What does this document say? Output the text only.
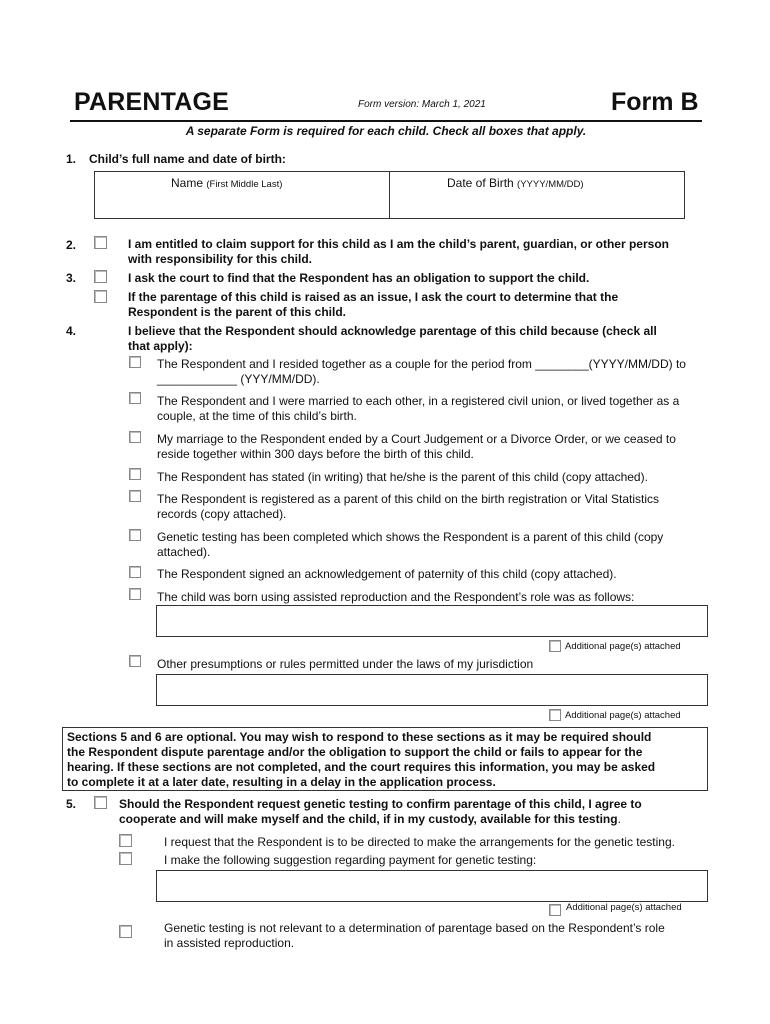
PARENTAGE	Form version: March 1, 2021	Form B
A separate Form is required for each child. Check all boxes that apply.
1. Child’s full name and date of birth:
Name (First Middle Last)	Date of Birth (YYYY/MM/DD)
2.	I am entitled to claim support for this child as I am the child’s parent, guardian, or other person
with responsibility for this child.
3.	I ask the court to find that the Respondent has an obligation to support the child.
If the parentage of this child is raised as an issue, I ask the court to determine that the
Respondent is the parent of this child.
4.	I believe that the Respondent should acknowledge parentage of this child because (check all
that apply):
The Respondent and I resided together as a couple for the period from ________(YYYY/MM/DD) to
____________ (YYY/MM/DD).
The Respondent and I were married to each other, in a registered civil union, or lived together as a
couple, at the time of this child’s birth.
My marriage to the Respondent ended by a Court Judgement or a Divorce Order, or we ceased to
reside together within 300 days before the birth of this child.
The Respondent has stated (in writing) that he/she is the parent of this child (copy attached).
The Respondent is registered as a parent of this child on the birth registration or Vital Statistics
records (copy attached).
Genetic testing has been completed which shows the Respondent is a parent of this child (copy
attached).
The Respondent signed an acknowledgement of paternity of this child (copy attached).
The child was born using assisted reproduction and the Respondent’s role was as follows:
Additional page(s) attached
Other presumptions or rules permitted under the laws of my jurisdiction
Additional page(s) attached
Sections 5 and 6 are optional. You may wish to respond to these sections as it may be required should
the Respondent dispute parentage and/or the obligation to support the child or fails to appear for the
hearing. If these sections are not completed, and the court requires this information, you may be asked
to complete it at a later date, resulting in a delay in the application process.
5.	Should the Respondent request genetic testing to confirm parentage of this child, I agree to
cooperate and will make myself and the child, if in my custody, available for this testing.
I request that the Respondent is to be directed to make the arrangements for the genetic testing.
I make the following suggestion regarding payment for genetic testing:
Additional page(s) attached
Genetic testing is not relevant to a determination of parentage based on the Respondent’s role
in assisted reproduction.
